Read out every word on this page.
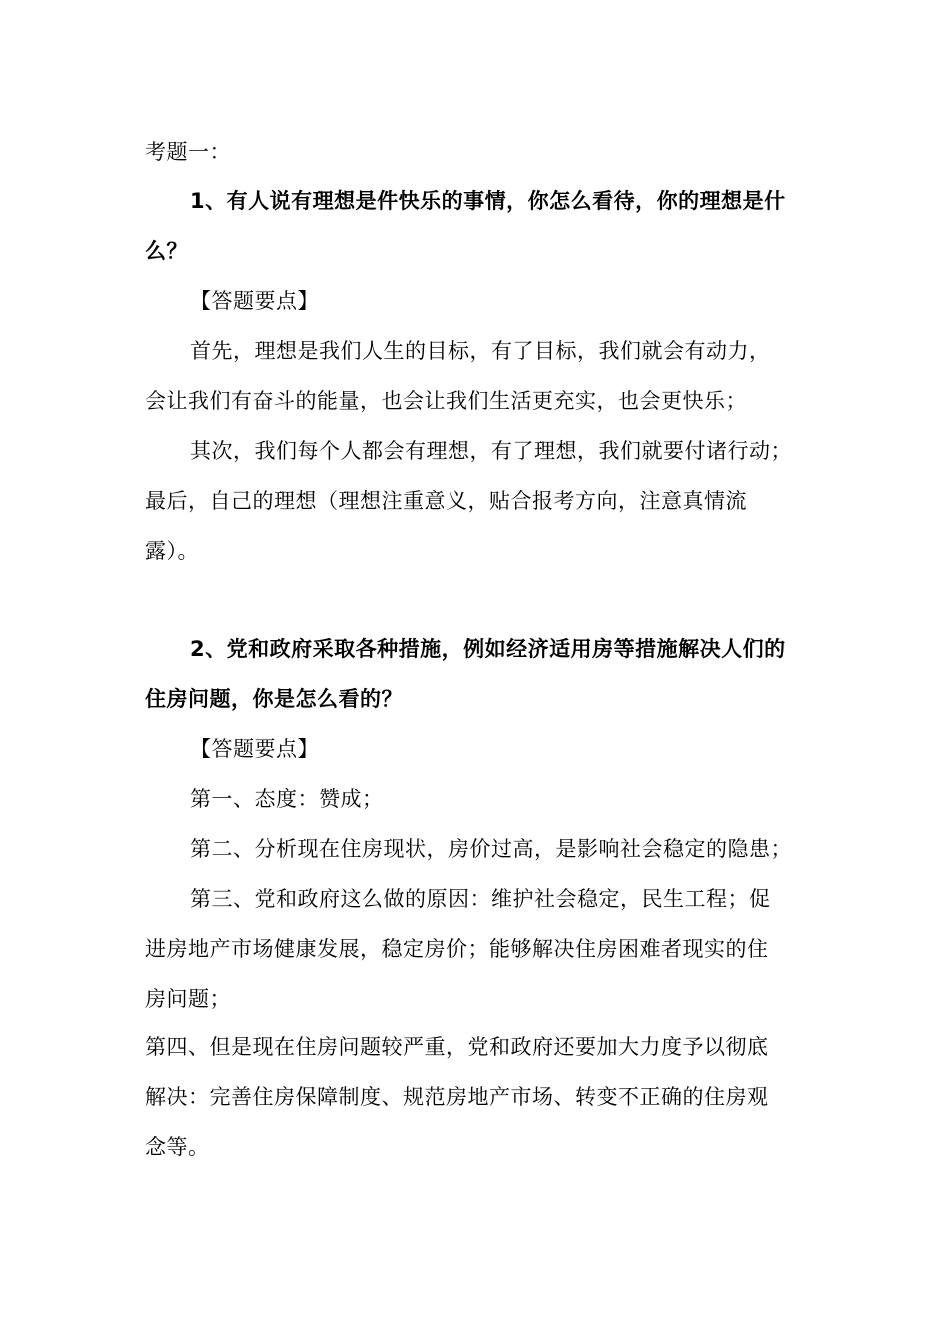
考题一：
1、有人说有理想是件快乐的事情，你怎么看待，你的理想是什
么？
【答题要点】
首先，理想是我们人生的目标，有了目标，我们就会有动力，
会让我们有奋斗的能量，也会让我们生活更充实，也会更快乐；
其次，我们每个人都会有理想，有了理想，我们就要付诸行动；
最后，自己的理想（理想注重意义，贴合报考方向，注意真情流
露）。
2、党和政府采取各种措施，例如经济适用房等措施解决人们的
住房问题，你是怎么看的？
【答题要点】
第一、态度：赞成；
第二、分析现在住房现状，房价过高，是影响社会稳定的隐患；
第三、党和政府这么做的原因：维护社会稳定，民生工程；促
进房地产市场健康发展，稳定房价；能够解决住房困难者现实的住
房问题；
第四、但是现在住房问题较严重，党和政府还要加大力度予以彻底
解决：完善住房保障制度、规范房地产市场、转变不正确的住房观
念等。
